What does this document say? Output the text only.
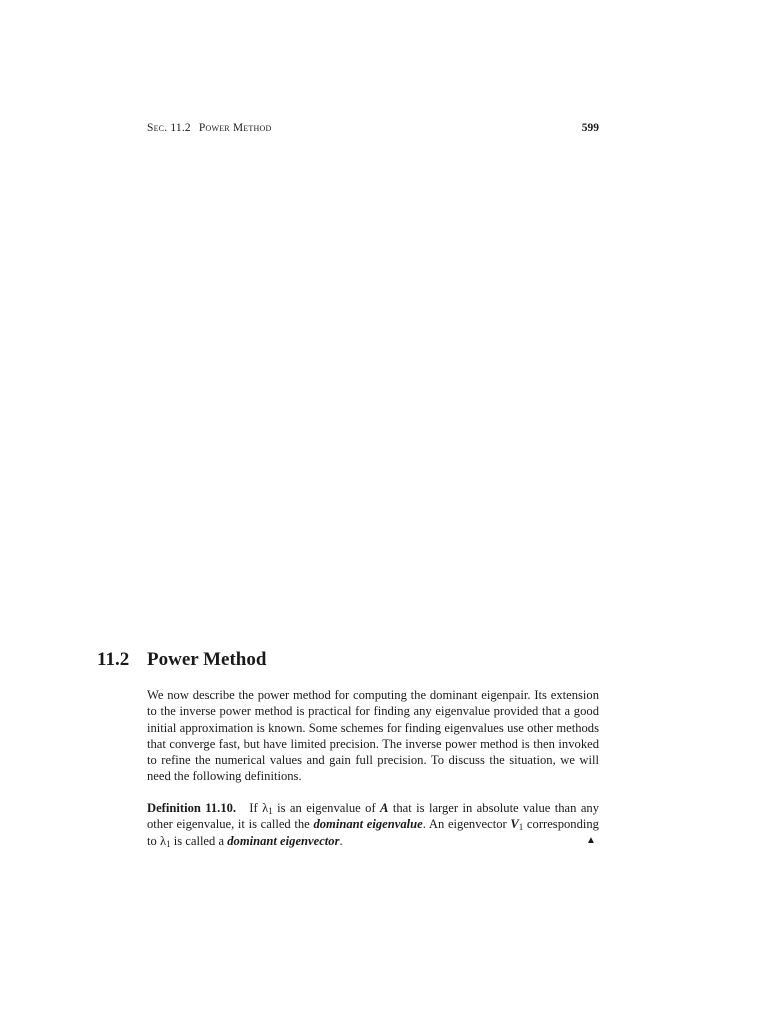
Sec. 11.2 Power Method	599
11.2 Power Method

We now describe the power method for computing the dominant eigenpair. Its extension to the inverse power method is practical for finding any eigenvalue provided that a good initial approximation is known. Some schemes for finding eigenvalues use other methods that converge fast, but have limited precision. The inverse power method is then invoked to refine the numerical values and gain full precision. To discuss the situation, we will need the following definitions.

Definition 11.10. If $\lambda_1$ is an eigenvalue of A that is larger in absolute value than any other eigenvalue, it is called the dominant eigenvalue. An eigenvector $V_1$ corresponding to $\lambda_1$ is called a dominant eigenvector.	▲
